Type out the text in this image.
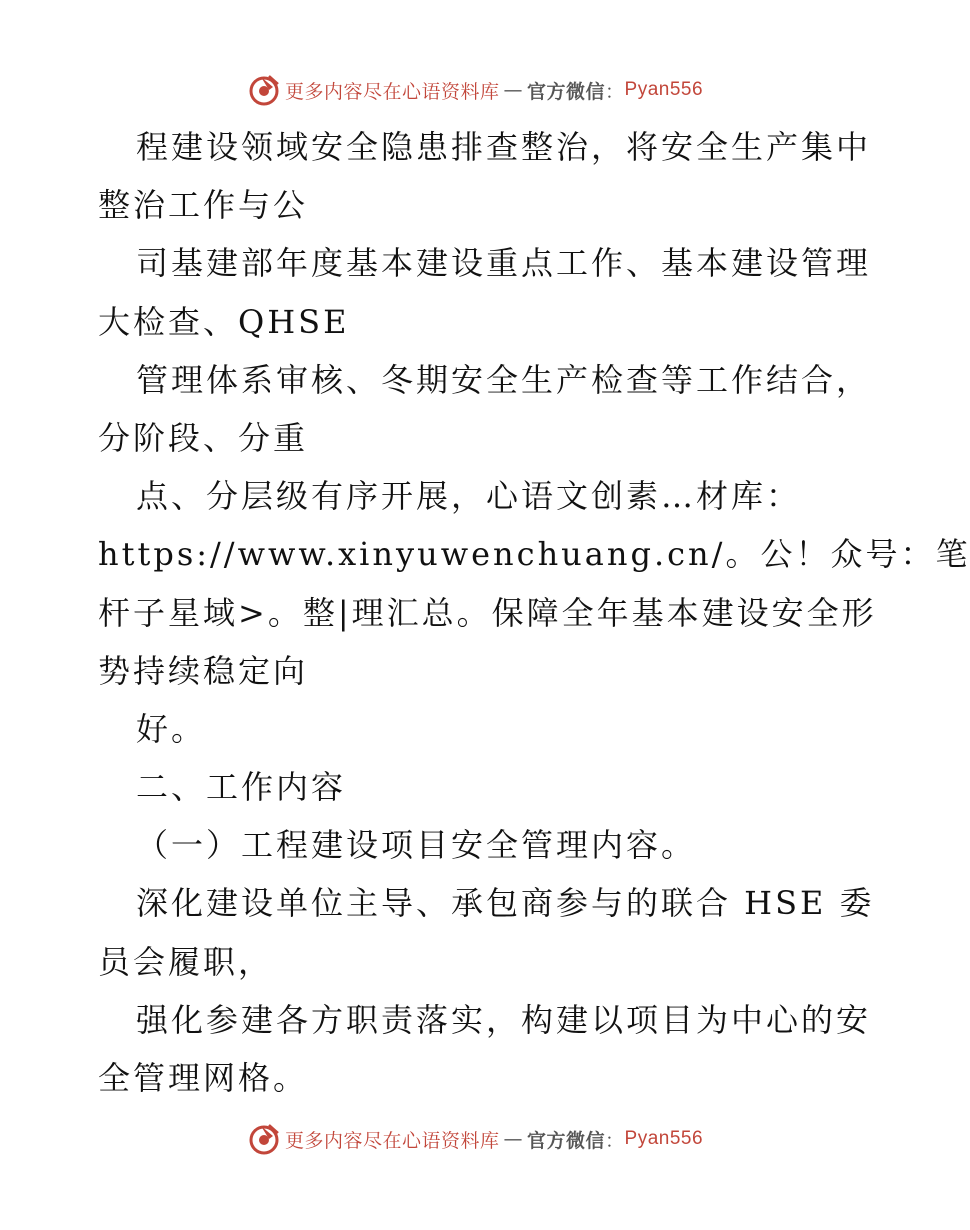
更多内容尽在心语资料库 — 官方微信 ： Pyan556
程建设领域安全隐患排查整治，将安全生产集中
整治工作与公
司基建部年度基本建设重点工作、基本建设管理
大检查、QHSE
管理体系审核、冬期安全生产检查等工作结合，
分阶段、分重
点、分层级有序开展，心语文创素…材库：
https://www.xinyuwenchuang.cn/。公！众号：笔
杆子星域>。整|理汇总。保障全年基本建设安全形
势持续稳定向
好。
二、工作内容
（一）工程建设项目安全管理内容。
深化建设单位主导、承包商参与的联合 HSE 委
员会履职，
强化参建各方职责落实，构建以项目为中心的安
全管理网格。
更多内容尽在心语资料库 — 官方微信 ： Pyan556
